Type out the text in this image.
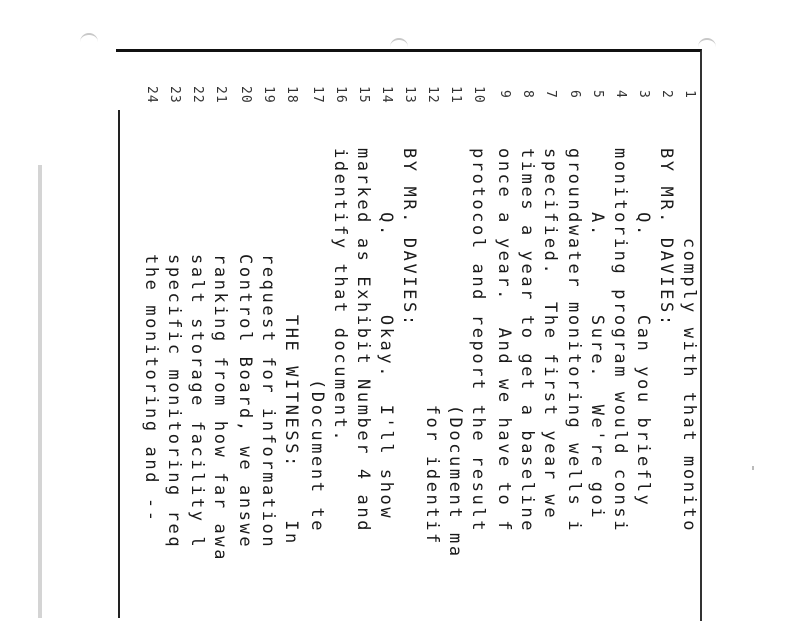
1
2
3
4
5
6
7
8
9
10
11
12
13
14
15
16
17
18
19
20
21
22
23
24
comply with that monito
BY MR. DAVIES:
Q.      Can you briefly
monitoring program would consi
A.      Sure.  We're goi
groundwater monitoring wells i
specified.  The first year we
times a year to get a baseline
once a year.  And we have to f
protocol and report the result
(Document ma
for identif
BY MR. DAVIES:
Q.      Okay.  I'll show
marked as Exhibit Number 4 and
identify that document.
(Document te
THE WITNESS:    In
request for information
Control Board, we answe
ranking from how far awa
salt storage facility l
specific monitoring req
the monitoring and --
